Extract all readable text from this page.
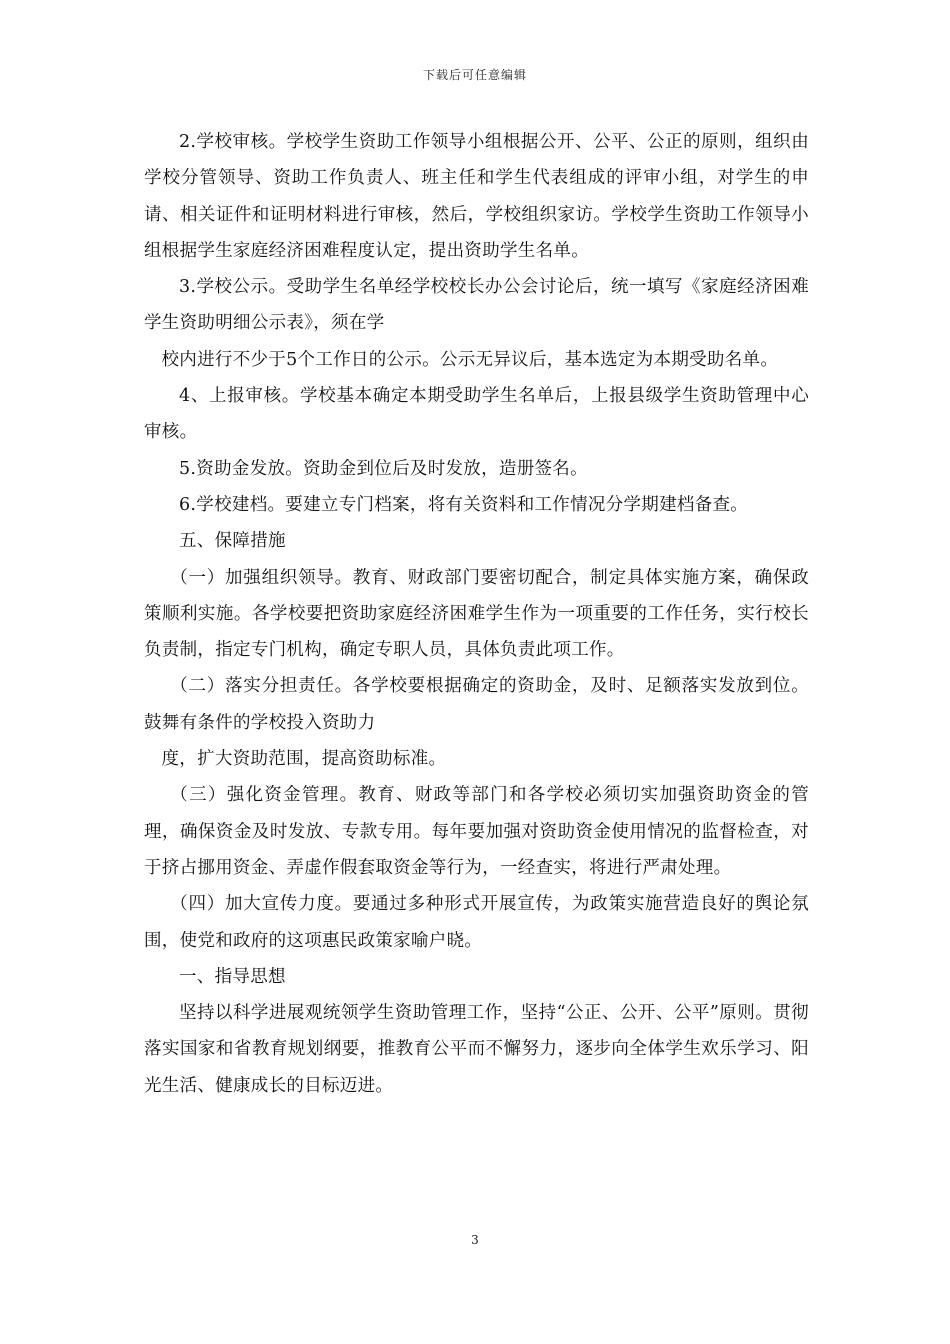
下载后可任意编辑

2.学校审核。学校学生资助工作领导小组根据公开、公平、公正的原则，组织由学校分管领导、资助工作负责人、班主任和学生代表组成的评审小组，对学生的申请、相关证件和证明材料进行审核，然后，学校组织家访。学校学生资助工作领导小组根据学生家庭经济困难程度认定，提出资助学生名单。

3.学校公示。受助学生名单经学校校长办公会讨论后，统一填写《家庭经济困难学生资助明细公示表》，须在学

校内进行不少于5个工作日的公示。公示无异议后，基本选定为本期受助名单。

4、上报审核。学校基本确定本期受助学生名单后，上报县级学生资助管理中心审核。

5.资助金发放。资助金到位后及时发放，造册签名。

6.学校建档。要建立专门档案，将有关资料和工作情况分学期建档备查。

五、保障措施

（一）加强组织领导。教育、财政部门要密切配合，制定具体实施方案，确保政策顺利实施。各学校要把资助家庭经济困难学生作为一项重要的工作任务，实行校长负责制，指定专门机构，确定专职人员，具体负责此项工作。

（二）落实分担责任。各学校要根据确定的资助金，及时、足额落实发放到位。鼓舞有条件的学校投入资助力

度，扩大资助范围，提高资助标准。

（三）强化资金管理。教育、财政等部门和各学校必须切实加强资助资金的管理，确保资金及时发放、专款专用。每年要加强对资助资金使用情况的监督检查，对于挤占挪用资金、弄虚作假套取资金等行为，一经查实，将进行严肃处理。

（四）加大宣传力度。要通过多种形式开展宣传，为政策实施营造良好的舆论氛围，使党和政府的这项惠民政策家喻户晓。

一、指导思想

坚持以科学进展观统领学生资助管理工作，坚持“公正、公开、公平”原则。贯彻落实国家和省教育规划纲要，推教育公平而不懈努力，逐步向全体学生欢乐学习、阳光生活、健康成长的目标迈进。

3
